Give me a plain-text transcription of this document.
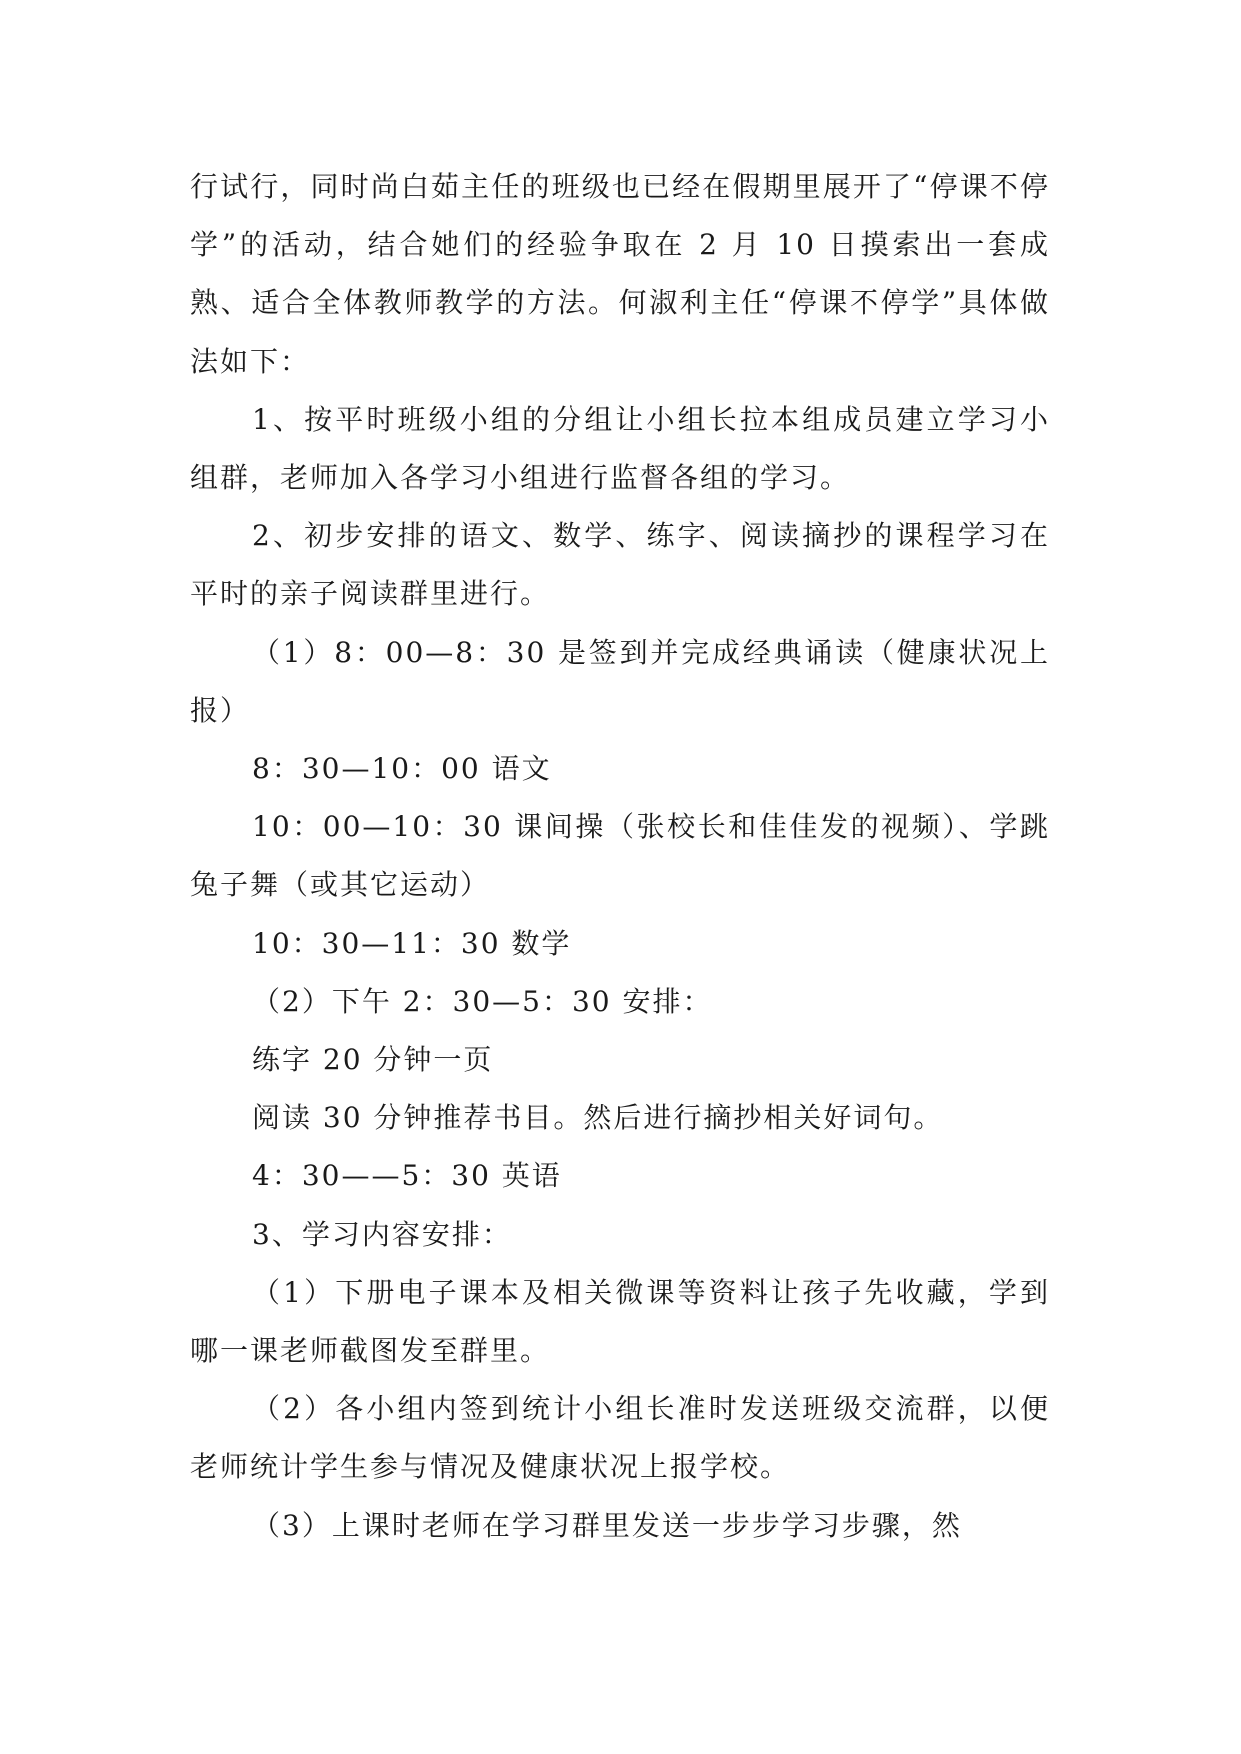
行试行，同时尚白茹主任的班级也已经在假期里展开了“停课不停学”的活动，结合她们的经验争取在 2 月 10 日摸索出一套成熟、适合全体教师教学的方法。何淑利主任“停课不停学”具体做法如下：

1、按平时班级小组的分组让小组长拉本组成员建立学习小组群，老师加入各学习小组进行监督各组的学习。

2、初步安排的语文、数学、练字、阅读摘抄的课程学习在平时的亲子阅读群里进行。

（1）8：00—8：30 是签到并完成经典诵读（健康状况上报）

8：30—10：00 语文

10：00—10：30 课间操（张校长和佳佳发的视频）、学跳兔子舞（或其它运动）

10：30—11：30 数学

（2）下午 2：30—5：30 安排：

练字 20 分钟一页

阅读 30 分钟推荐书目。然后进行摘抄相关好词句。

4：30——5：30 英语

3、学习内容安排：

（1）下册电子课本及相关微课等资料让孩子先收藏，学到哪一课老师截图发至群里。

（2）各小组内签到统计小组长准时发送班级交流群，以便老师统计学生参与情况及健康状况上报学校。

（3）上课时老师在学习群里发送一步步学习步骤，然
